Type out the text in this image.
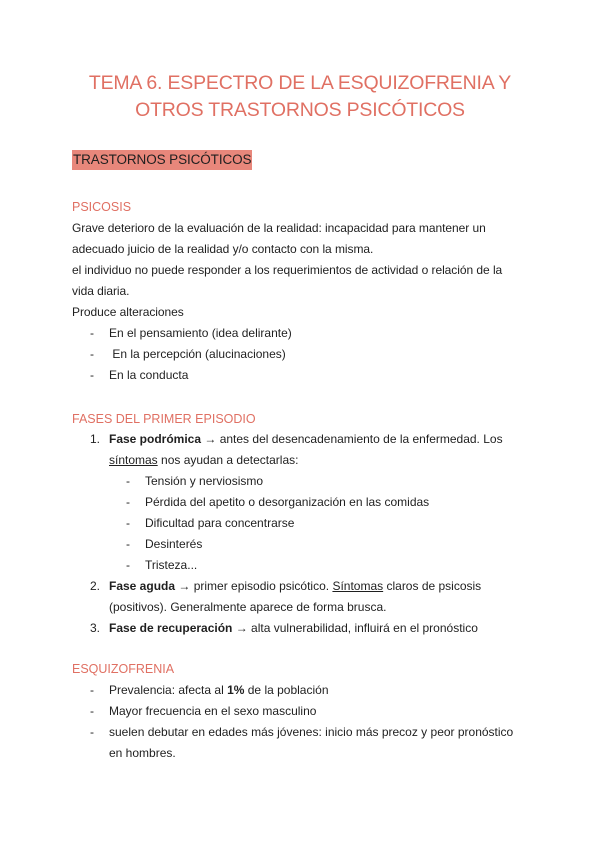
TEMA 6. ESPECTRO DE LA ESQUIZOFRENIA Y
OTROS TRASTORNOS PSICÓTICOS
TRASTORNOS PSICÓTICOS
PSICOSIS
Grave deterioro de la evaluación de la realidad: incapacidad para mantener un
adecuado juicio de la realidad y/o contacto con la misma.
el individuo no puede responder a los requerimientos de actividad o relación de la
vida diaria.
Produce alteraciones
- En el pensamiento (idea delirante)
- En la percepción (alucinaciones)
- En la conducta
FASES DEL PRIMER EPISODIO
1. Fase podrómica → antes del desencadenamiento de la enfermedad. Los
síntomas nos ayudan a detectarlas:
- Tensión y nerviosismo
- Pérdida del apetito o desorganización en las comidas
- Dificultad para concentrarse
- Desinterés
- Tristeza...
2. Fase aguda → primer episodio psicótico. Síntomas claros de psicosis
(positivos). Generalmente aparece de forma brusca.
3. Fase de recuperación → alta vulnerabilidad, influirá en el pronóstico
ESQUIZOFRENIA
- Prevalencia: afecta al 1% de la población
- Mayor frecuencia en el sexo masculino
- suelen debutar en edades más jóvenes: inicio más precoz y peor pronóstico
en hombres.
